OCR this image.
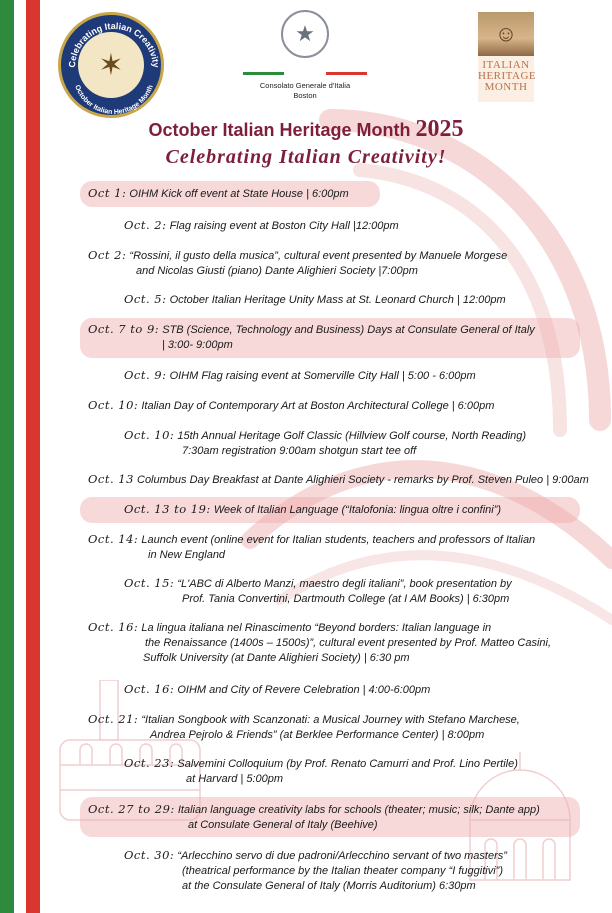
Celebrating Italian Creativity
October Italian Heritage Month
✶
★
Consolato Generale d'Italia
Boston
☺
ITALIAN
HERITAGE
MONTH
October Italian Heritage Month 2025
Celebrating Italian Creativity!
Oct 1: OIHM Kick off event at State House | 6:00pm
Oct. 2: Flag raising event at Boston City Hall |12:00pm
Oct 2: “Rossini, il gusto della musica”, cultural event presented by Manuele Morgese
and Nicolas Giusti (piano) Dante Alighieri Society |7:00pm
Oct. 5: October Italian Heritage Unity Mass at St. Leonard Church | 12:00pm
Oct. 7 to 9: STB (Science, Technology and Business) Days at Consulate General of Italy
| 3:00- 9:00pm
Oct. 9: OIHM Flag raising event at Somerville City Hall | 5:00 - 6:00pm
Oct. 10: Italian Day of Contemporary Art at Boston Architectural College | 6:00pm
Oct. 10: 15th Annual Heritage Golf Classic (Hillview Golf course, North Reading)
7:30am registration 9:00am shotgun start tee off
Oct. 13 Columbus Day Breakfast at Dante Alighieri Society - remarks by Prof. Steven Puleo | 9:00am
Oct. 13 to 19: Week of Italian Language (“Italofonia: lingua oltre i confini”)
Oct. 14: Launch event (online event for Italian students, teachers and professors of Italian
in New England
Oct. 15: “L'ABC di Alberto Manzi, maestro degli italiani”, book presentation by
Prof. Tania Convertini, Dartmouth College (at I AM Books) | 6:30pm
Oct. 16: La lingua italiana nel Rinascimento “Beyond borders: Italian language in
the Renaissance (1400s – 1500s)”, cultural event presented by Prof. Matteo Casini,
Suffolk University (at Dante Alighieri Society) | 6:30 pm
Oct. 16: OIHM and City of Revere Celebration | 4:00-6:00pm
Oct. 21: “Italian Songbook with Scanzonati: a Musical Journey with Stefano Marchese,
Andrea Pejrolo & Friends” (at Berklee Performance Center) | 8:00pm
Oct. 23: Salvemini Colloquium (by Prof. Renato Camurri and Prof. Lino Pertile)
at Harvard | 5:00pm
Oct. 27 to 29: Italian language creativity labs for schools (theater; music; silk; Dante app)
at Consulate General of Italy (Beehive)
Oct. 30: “Arlecchino servo di due padroni/Arlecchino servant of two masters”
(theatrical performance by the Italian theater company “I fuggitivi”)
at the Consulate General of Italy (Morris Auditorium) 6:30pm
